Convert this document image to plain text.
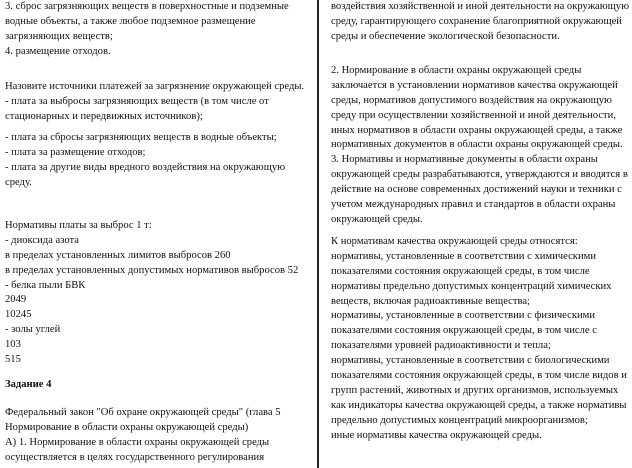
3. сброс загрязняющих веществ в поверхностные и подземные
водные объекты, а также любое подземное размещение
загрязняющих веществ;
4. размещение отходов.
Назовите источники платежей за загрязнение окружающей среды.
- плата за выбросы загрязняющих веществ (в том числе от
стационарных и передвижных источников);
- плата за сбросы загрязняющих веществ в водные объекты;
- плата за размещение отходов;
- плата за другие виды вредного воздействия на окружающую
среду.
Нормативы платы за выброс 1 т:
- диоксида азота
в пределах установленных лимитов выбросов 260
в пределах установленных допустимых нормативов выбросов 52
- белка пыли БВК
2049
10245
- золы углей
103
515
Задание 4
Федеральный закон "Об охране окружающей среды" (глава 5
Нормирование в области охраны окружающей среды)
А) 1. Нормирование в области охраны окружающей среды
осуществляется в целях государственного регулирования
воздействия хозяйственной и иной деятельности на окружающую
среду, гарантирующего сохранение благоприятной окружающей
среды и обеспечение экологической безопасности.
2. Нормирование в области охраны окружающей среды
заключается в установлении нормативов качества окружающей
среды, нормативов допустимого воздействия на окружающую
среду при осуществлении хозяйственной и иной деятельности,
иных нормативов в области охраны окружающей среды, а также
нормативных документов в области охраны окружающей среды.
3. Нормативы и нормативные документы в области охраны
окружающей среды разрабатываются, утверждаются и вводятся в
действие на основе современных достижений науки и техники с
учетом международных правил и стандартов в области охраны
окружающей среды.
К нормативам качества окружающей среды относятся:
нормативы, установленные в соответствии с химическими
показателями состояния окружающей среды, в том числе
нормативы предельно допустимых концентраций химических
веществ, включая радиоактивные вещества;
нормативы, установленные в соответствии с физическими
показателями состояния окружающей среды, в том числе с
показателями уровней радиоактивности и тепла;
нормативы, установленные в соответствии с биологическими
показателями состояния окружающей среды, в том числе видов и
групп растений, животных и других организмов, используемых
как индикаторы качества окружающей среды, а также нормативы
предельно допустимых концентраций микроорганизмов;
иные нормативы качества окружающей среды.
